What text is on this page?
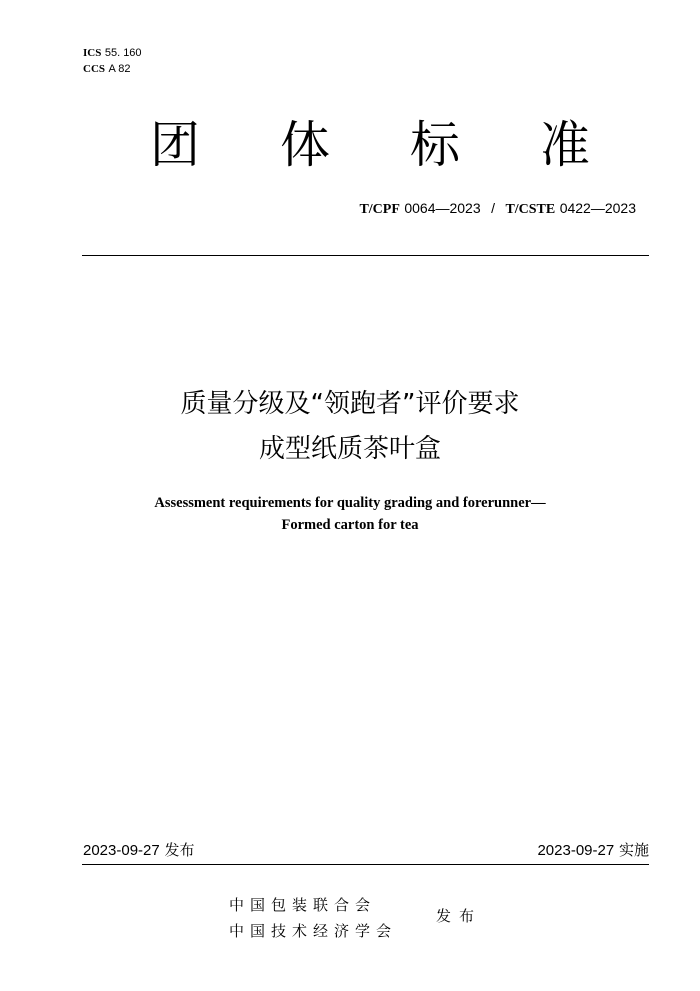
ICS 55. 160
CCS A 82
团 体 标 准
T/CPF 0064—2023 / T/CSTE 0422—2023
质量分级及“领跑者”评价要求
成型纸质茶叶盒
Assessment requirements for quality grading and forerunner—
Formed carton for tea
2023-09-27 发布	2023-09-27 实施
中国包装联合会
中国技术经济学会
发布
